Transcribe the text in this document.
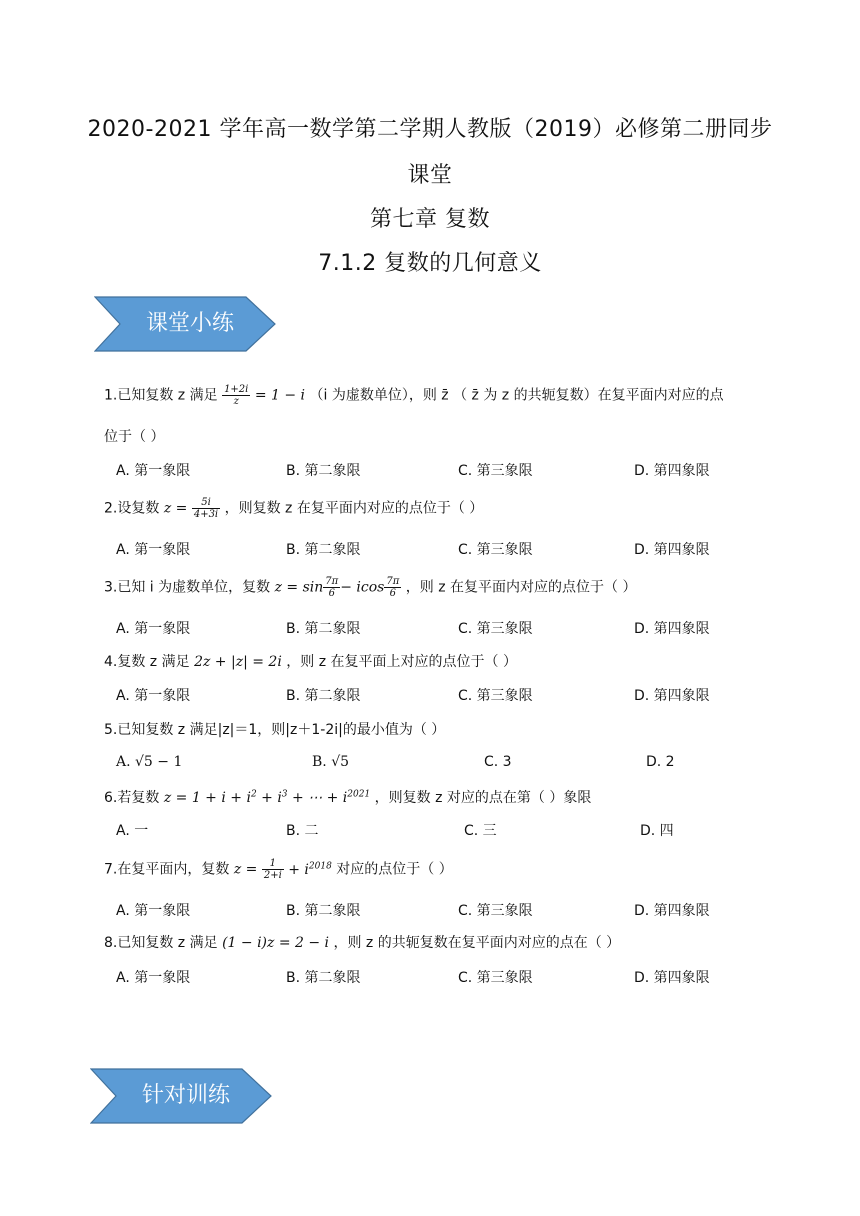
2020-2021 学年高一数学第二学期人教版（2019）必修第二册同步
课堂
第七章 复数
7.1.2 复数的几何意义
课堂小练
1.已知复数 z 满足 $\frac{1+2i}{z} = 1 - i$ （i 为虚数单位），则 z̄ （ z̄ 为 z 的共轭复数）在复平面内对应的点
位于（ ）
A. 第一象限	B. 第二象限	C. 第三象限	D. 第四象限
2.设复数 $z = \frac{5i}{4+3i}$ ，则复数 z 在复平面内对应的点位于（ ）
A. 第一象限	B. 第二象限	C. 第三象限	D. 第四象限
3.已知 i 为虚数单位，复数 $z = \sin \frac{7\pi}{6} - icos \frac{7\pi}{6}$ ，则 z 在复平面内对应的点位于（ ）
A. 第一象限	B. 第二象限	C. 第三象限	D. 第四象限
4.复数 z 满足 2z + |z| = 2i ，则 z 在复平面上对应的点位于（ ）
A. 第一象限	B. 第二象限	C. 第三象限	D. 第四象限
5.已知复数 z 满足|z|＝1，则|z＋1-2i|的最小值为（ ）
A. √5 − 1	B. √5	C. 3	D. 2
6.若复数 $z = 1 + i + i^2 + i^3$ + ⋯ + $i^{2021}$ ，则复数 z 对应的点在第（ ）象限
A. 一	B. 二	C. 三	D. 四
7.在复平面内，复数 $z = \frac{1}{2+i} + i^{2018}$ 对应的点位于（ ）
A. 第一象限	B. 第二象限	C. 第三象限	D. 第四象限
8.已知复数 z 满足 (1 − i)z = 2 − i ，则 z 的共轭复数在复平面内对应的点在（ ）
A. 第一象限	B. 第二象限	C. 第三象限	D. 第四象限
针对训练
